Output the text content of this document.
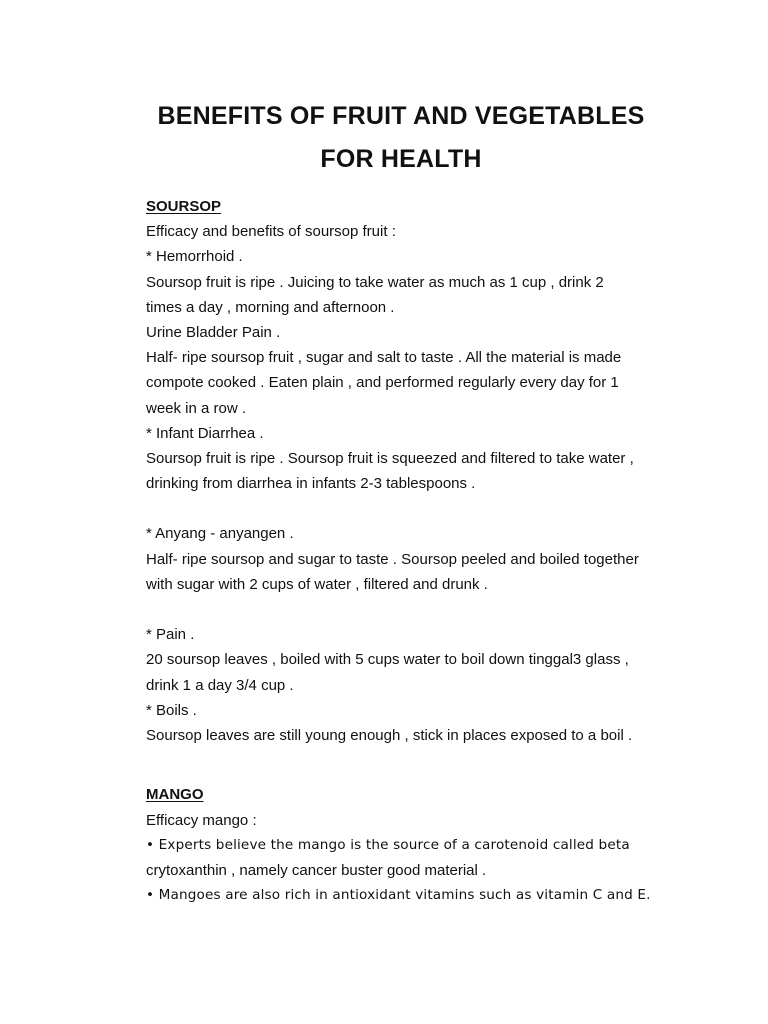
BENEFITS OF FRUIT AND VEGETABLES
FOR HEALTH
SOURSOP
Efficacy and benefits of soursop fruit :
* Hemorrhoid .
Soursop fruit is ripe . Juicing to take water as much as 1 cup , drink 2
times a day , morning and afternoon .
Urine Bladder Pain .
Half- ripe soursop fruit , sugar and salt to taste . All the material is made
compote cooked . Eaten plain , and performed regularly every day for 1
week in a row .
* Infant Diarrhea .
Soursop fruit is ripe . Soursop fruit is squeezed and filtered to take water ,
drinking from diarrhea in infants 2-3 tablespoons .
* Anyang - anyangen .
Half- ripe soursop and sugar to taste . Soursop peeled and boiled together
with sugar with 2 cups of water , filtered and drunk .
* Pain .
20 soursop leaves , boiled with 5 cups water to boil down tinggal3 glass ,
drink 1 a day 3/4 cup .
* Boils .
Soursop leaves are still young enough , stick in places exposed to a boil .
MANGO
Efficacy mango :
• Experts believe the mango is the source of a carotenoid called beta
crytoxanthin , namely cancer buster good material .
• Mangoes are also rich in antioxidant vitamins such as vitamin C and E.
